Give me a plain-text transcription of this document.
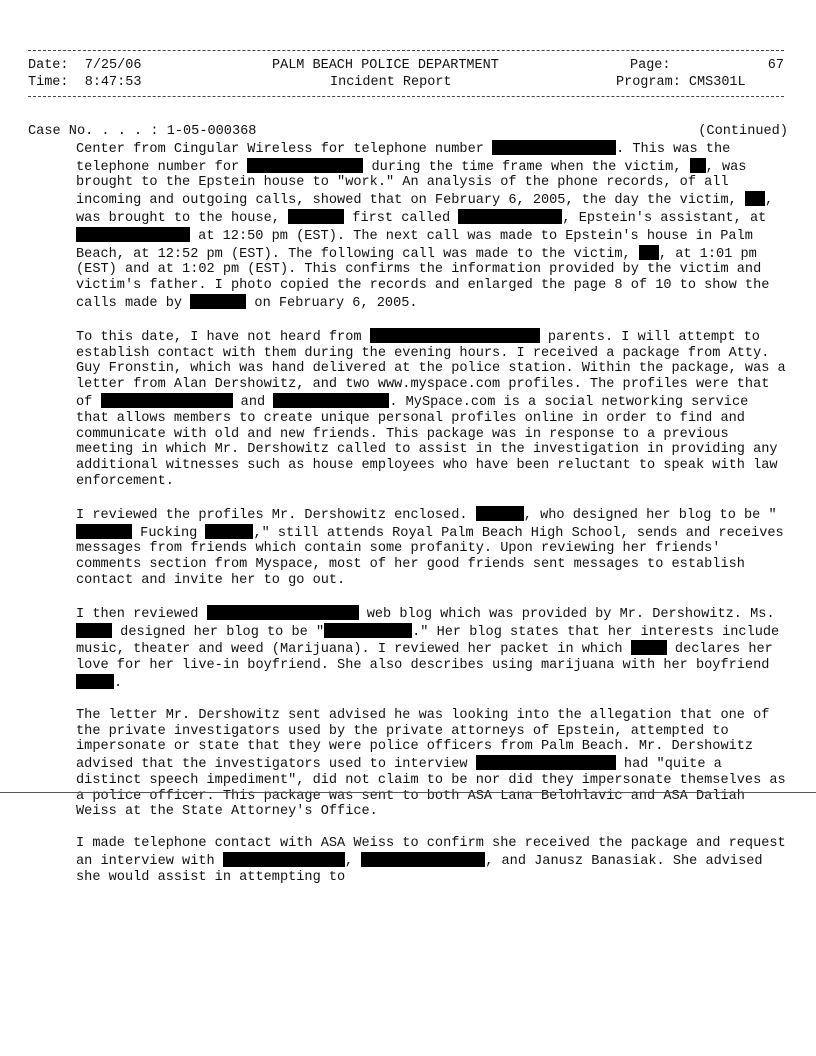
Date: 7/25/06
Time: 8:47:53
PALM BEACH POLICE DEPARTMENT
Incident Report
Page:	67
Program: CMS301L
Case No. . . . : 1-05-000368	(Continued)

Center from Cingular Wireless for telephone number	. This was the telephone number for	during the time frame when the victim, , was brought to the Epstein house to "work." An analysis of the phone records, of all incoming and outgoing calls, showed that on February 6, 2005, the day the victim, , was brought to the house,	first called	, Epstein's assistant, at  at 12:50 pm (EST). The next call was made to Epstein's house in Palm Beach, at 12:52 pm (EST). The following call was made to the victim, , at 1:01 pm (EST) and at 1:02 pm (EST). This confirms the information provided by the victim and victim's father. I photo copied the records and enlarged the page 8 of 10 to show the calls made by	on February 6, 2005.

To this date, I have not heard from	parents. I will attempt to establish contact with them during the evening hours. I received a package from Atty. Guy Fronstin, which was hand delivered at the police station. Within the package, was a letter from Alan Dershowitz, and two www.myspace.com profiles. The profiles were that of	and	. MySpace.com is a social networking service that allows members to create unique personal profiles online in order to find and communicate with old and new friends. This package was in response to a previous meeting in which Mr. Dershowitz called to assist in the investigation in providing any additional witnesses such as house employees who have been reluctant to speak with law enforcement.

I reviewed the profiles Mr. Dershowitz enclosed.	, who designed her blog to be " Fucking	," still attends Royal Palm Beach High School, sends and receives messages from friends which contain some profanity. Upon reviewing her friends' comments section from Myspace, most of her good friends sent messages to establish contact and invite her to go out.

I then reviewed	web blog which was provided by Mr. Dershowitz. Ms.  designed her blog to be "	." Her blog states that her interests include music, theater and weed (Marijuana). I reviewed her packet in which	declares her love for her live-in boyfriend. She also describes using marijuana with her boyfriend .

The letter Mr. Dershowitz sent advised he was looking into the allegation that one of the private investigators used by the private attorneys of Epstein, attempted to impersonate or state that they were police officers from Palm Beach. Mr. Dershowitz advised that the investigators used to interview	had "quite a distinct speech impediment", did not claim to be nor did they impersonate themselves as a police officer. This package was sent to both ASA Lana Belohlavic and ASA Daliah Weiss at the State Attorney's Office.

I made telephone contact with ASA Weiss to confirm she received the package and request an interview with	,	, and Janusz Banasiak. She advised she would assist in attempting to
